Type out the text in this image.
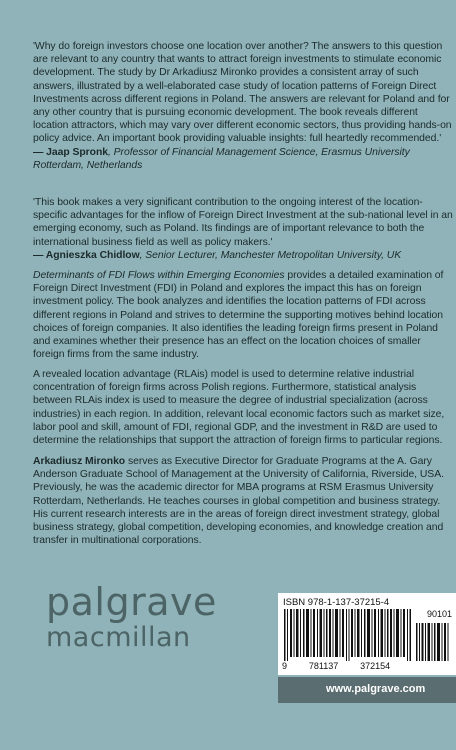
'Why do foreign investors choose one location over another? The answers to this question are relevant to any country that wants to attract foreign investments to stimulate economic development. The study by Dr Arkadiusz Mironko provides a consistent array of such answers, illustrated by a well-elaborated case study of location patterns of Foreign Direct Investments across different regions in Poland. The answers are relevant for Poland and for any other country that is pursuing economic development. The book reveals different location attractors, which may vary over different economic sectors, thus providing hands-on policy advice. An important book providing valuable insights: full heartedly recommended.'

— Jaap Spronk, Professor of Financial Management Science, Erasmus University Rotterdam, Netherlands

'This book makes a very significant contribution to the ongoing interest of the location-specific advantages for the inflow of Foreign Direct Investment at the sub-national level in an emerging economy, such as Poland. Its findings are of important relevance to both the international business field as well as policy makers.'

— Agnieszka Chidlow, Senior Lecturer, Manchester Metropolitan University, UK

Determinants of FDI Flows within Emerging Economies provides a detailed examination of Foreign Direct Investment (FDI) in Poland and explores the impact this has on foreign investment policy. The book analyzes and identifies the location patterns of FDI across different regions in Poland and strives to determine the supporting motives behind location choices of foreign companies. It also identifies the leading foreign firms present in Poland and examines whether their presence has an effect on the location choices of smaller foreign firms from the same industry.

A revealed location advantage (RLAis) model is used to determine relative industrial concentration of foreign firms across Polish regions. Furthermore, statistical analysis between RLAis index is used to measure the degree of industrial specialization (across industries) in each region. In addition, relevant local economic factors such as market size, labor pool and skill, amount of FDI, regional GDP, and the investment in R&D are used to determine the relationships that support the attraction of foreign firms to particular regions.

Arkadiusz Mironko serves as Executive Director for Graduate Programs at the A. Gary Anderson Graduate School of Management at the University of California, Riverside, USA. Previously, he was the academic director for MBA programs at RSM Erasmus University Rotterdam, Netherlands. He teaches courses in global competition and business strategy. His current research interests are in the areas of foreign direct investment strategy, global business strategy, global competition, developing economies, and knowledge creation and transfer in multinational corporations.

palgrave
macmillan
ISBN 978-1-137-37215-4
90101
9 781137 372154
www.palgrave.com
